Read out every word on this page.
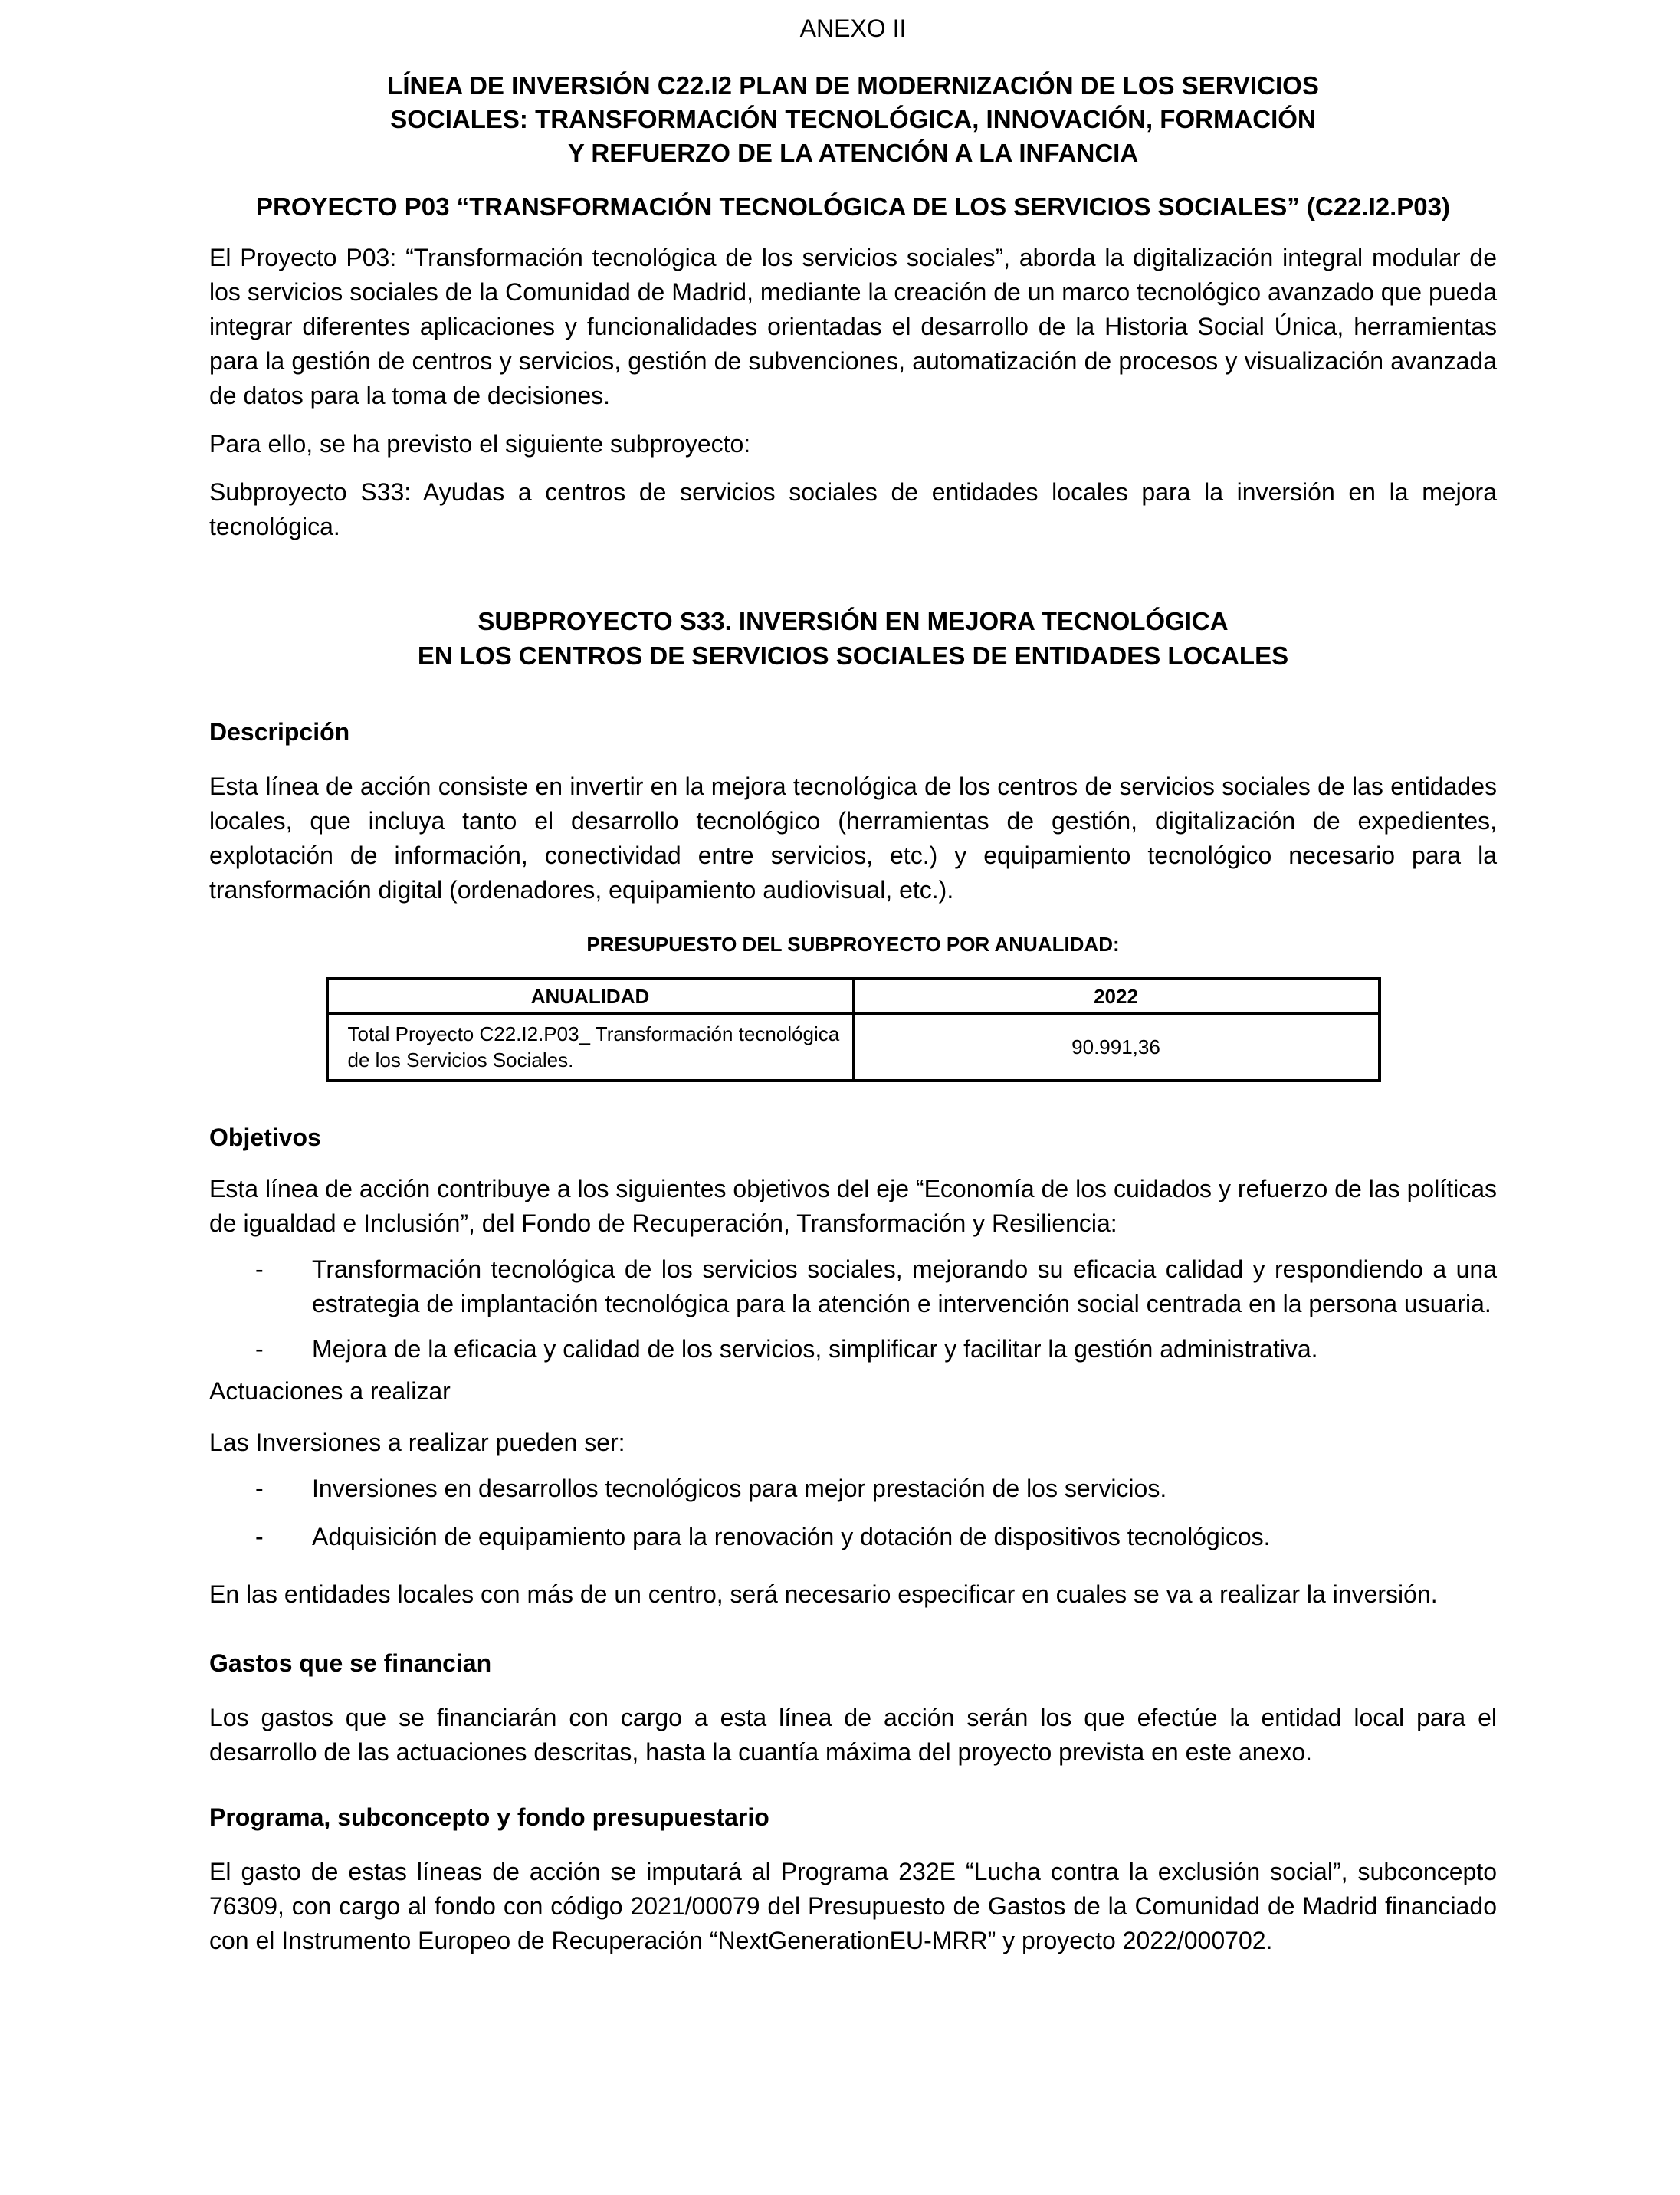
ANEXO II
LÍNEA DE INVERSIÓN C22.I2 PLAN DE MODERNIZACIÓN DE LOS SERVICIOS
SOCIALES: TRANSFORMACIÓN TECNOLÓGICA, INNOVACIÓN, FORMACIÓN
Y REFUERZO DE LA ATENCIÓN A LA INFANCIA
PROYECTO P03 “TRANSFORMACIÓN TECNOLÓGICA DE LOS SERVICIOS SOCIALES” (C22.I2.P03)

El Proyecto P03: “Transformación tecnológica de los servicios sociales”, aborda la digitalización integral modular de los servicios sociales de la Comunidad de Madrid, mediante la creación de un marco tecnológico avanzado que pueda integrar diferentes aplicaciones y funcionalidades orientadas el desarrollo de la Historia Social Única, herramientas para la gestión de centros y servicios, gestión de subvenciones, automatización de procesos y visualización avanzada de datos para la toma de decisiones.

Para ello, se ha previsto el siguiente subproyecto:

Subproyecto S33: Ayudas a centros de servicios sociales de entidades locales para la inversión en la mejora tecnológica.

SUBPROYECTO S33. INVERSIÓN EN MEJORA TECNOLÓGICA
EN LOS CENTROS DE SERVICIOS SOCIALES DE ENTIDADES LOCALES
Descripción

Esta línea de acción consiste en invertir en la mejora tecnológica de los centros de servicios sociales de las entidades locales, que incluya tanto el desarrollo tecnológico (herramientas de gestión, digitalización de expedientes, explotación de información, conectividad entre servicios, etc.) y equipamiento tecnológico necesario para la transformación digital (ordenadores, equipamiento audiovisual, etc.).

PRESUPUESTO DEL SUBPROYECTO POR ANUALIDAD:
ANUALIDAD	2022
Total Proyecto C22.I2.P03_ Transformación tecnológica de los Servicios Sociales.	90.991,36
Objetivos

Esta línea de acción contribuye a los siguientes objetivos del eje “Economía de los cuidados y refuerzo de las políticas de igualdad e Inclusión”, del Fondo de Recuperación, Transformación y Resiliencia:

- Transformación tecnológica de los servicios sociales, mejorando su eficacia calidad y respondiendo a una estrategia de implantación tecnológica para la atención e intervención social centrada en la persona usuaria.
- Mejora de la eficacia y calidad de los servicios, simplificar y facilitar la gestión administrativa.

Actuaciones a realizar

Las Inversiones a realizar pueden ser:

- Inversiones en desarrollos tecnológicos para mejor prestación de los servicios.
- Adquisición de equipamiento para la renovación y dotación de dispositivos tecnológicos.

En las entidades locales con más de un centro, será necesario especificar en cuales se va a realizar la inversión.

Gastos que se financian

Los gastos que se financiarán con cargo a esta línea de acción serán los que efectúe la entidad local para el desarrollo de las actuaciones descritas, hasta la cuantía máxima del proyecto prevista en este anexo.

Programa, subconcepto y fondo presupuestario

El gasto de estas líneas de acción se imputará al Programa 232E “Lucha contra la exclusión social”, subconcepto 76309, con cargo al fondo con código 2021/00079 del Presupuesto de Gastos de la Comunidad de Madrid financiado con el Instrumento Europeo de Recuperación “NextGenerationEU-MRR” y proyecto 2022/000702.
